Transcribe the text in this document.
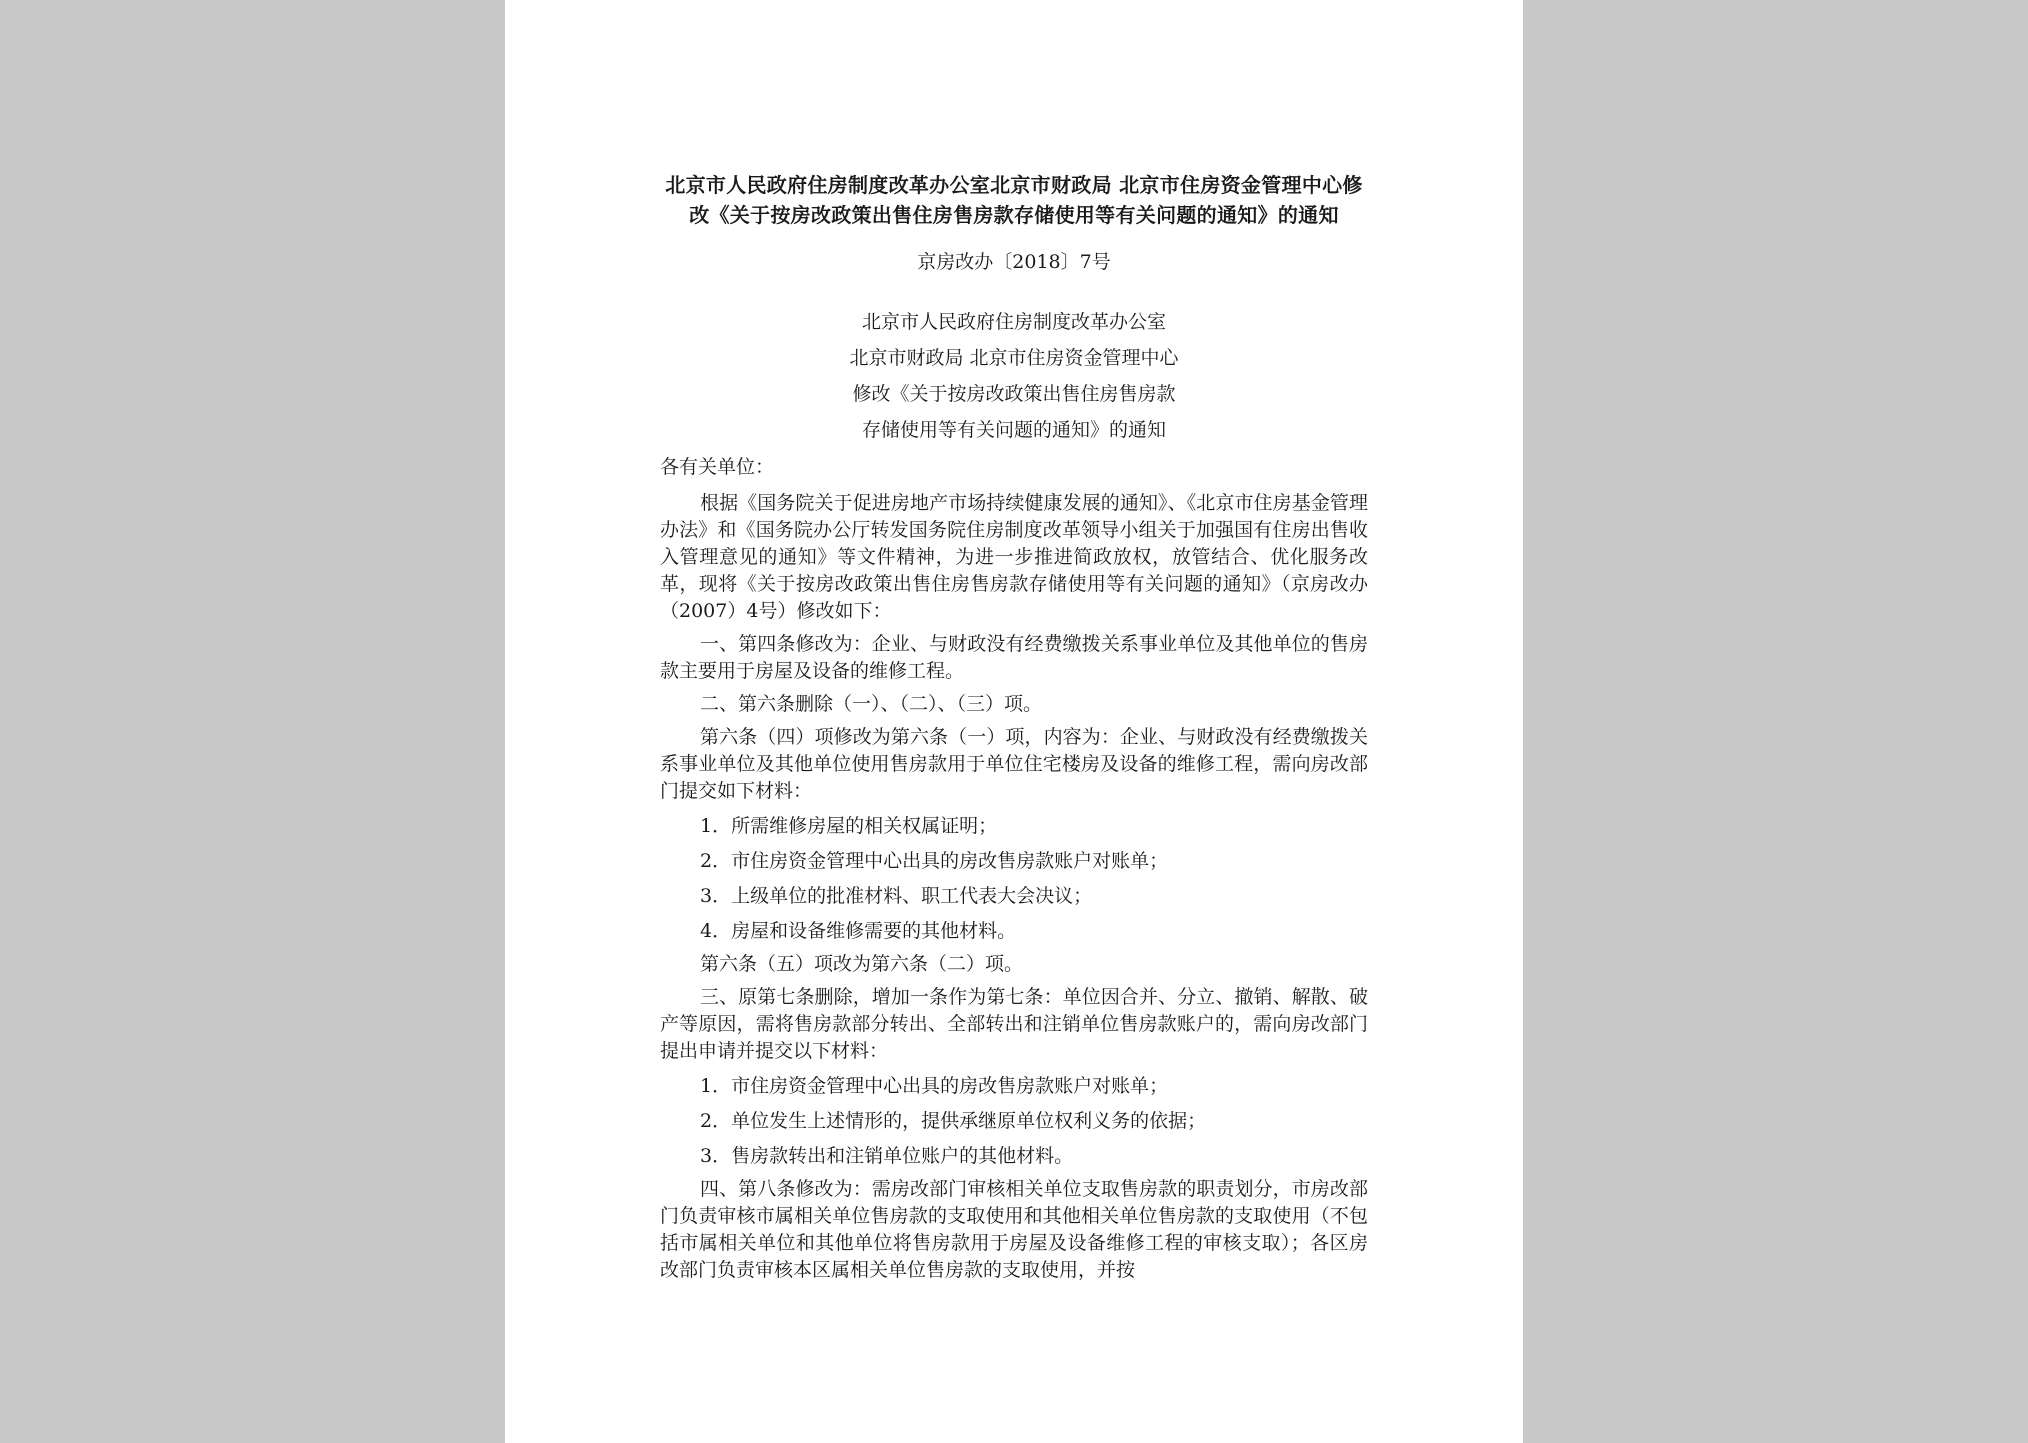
北京市人民政府住房制度改革办公室北京市财政局 北京市住房资金管理中心修改《关于按房改政策出售住房售房款存储使用等有关问题的通知》的通知
京房改办〔2018〕7号
北京市人民政府住房制度改革办公室
北京市财政局 北京市住房资金管理中心
修改《关于按房改政策出售住房售房款
存储使用等有关问题的通知》的通知
各有关单位：

根据《国务院关于促进房地产市场持续健康发展的通知》、《北京市住房基金管理办法》和《国务院办公厅转发国务院住房制度改革领导小组关于加强国有住房出售收入管理意见的通知》等文件精神，为进一步推进简政放权，放管结合、优化服务改革，现将《关于按房改政策出售住房售房款存储使用等有关问题的通知》（京房改办（2007）4号）修改如下：

一、第四条修改为：企业、与财政没有经费缴拨关系事业单位及其他单位的售房款主要用于房屋及设备的维修工程。

二、第六条删除（一）、（二）、（三）项。

第六条（四）项修改为第六条（一）项，内容为：企业、与财政没有经费缴拨关系事业单位及其他单位使用售房款用于单位住宅楼房及设备的维修工程，需向房改部门提交如下材料：

1．所需维修房屋的相关权属证明；
2．市住房资金管理中心出具的房改售房款账户对账单；
3．上级单位的批准材料、职工代表大会决议；
4．房屋和设备维修需要的其他材料。

第六条（五）项改为第六条（二）项。

三、原第七条删除，增加一条作为第七条：单位因合并、分立、撤销、解散、破产等原因，需将售房款部分转出、全部转出和注销单位售房款账户的，需向房改部门提出申请并提交以下材料：

1．市住房资金管理中心出具的房改售房款账户对账单；
2．单位发生上述情形的，提供承继原单位权利义务的依据；
3．售房款转出和注销单位账户的其他材料。

四、第八条修改为：需房改部门审核相关单位支取售房款的职责划分，市房改部门负责审核市属相关单位售房款的支取使用和其他相关单位售房款的支取使用（不包括市属相关单位和其他单位将售房款用于房屋及设备维修工程的审核支取）；各区房改部门负责审核本区属相关单位售房款的支取使用，并按
